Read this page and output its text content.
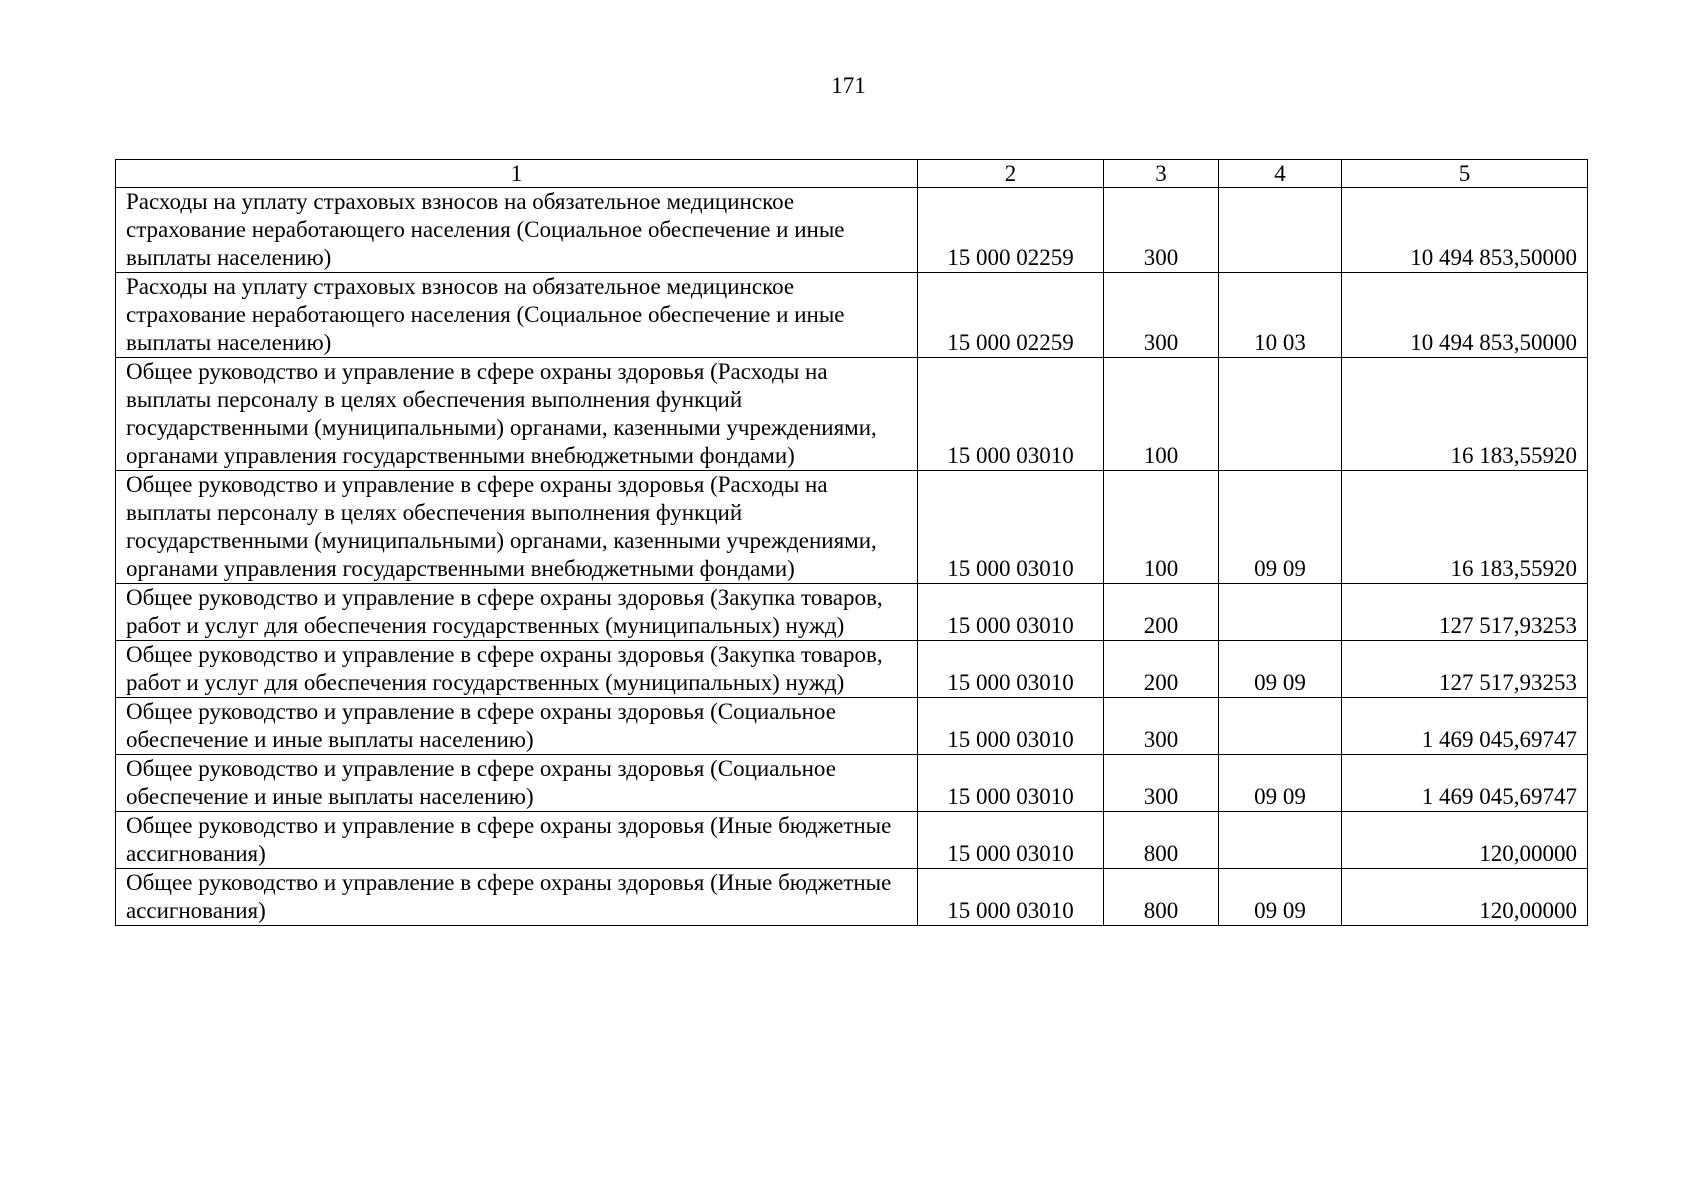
171
1	2	3	4	5
Расходы на уплату страховых взносов на обязательное медицинское страхование неработающего населения (Социальное обеспечение и иные выплаты населению)	15 000 02259	300		10 494 853,50000
Расходы на уплату страховых взносов на обязательное медицинское страхование неработающего населения (Социальное обеспечение и иные выплаты населению)	15 000 02259	300	10 03	10 494 853,50000
Общее руководство и управление в сфере охраны здоровья (Расходы на выплаты персоналу в целях обеспечения выполнения функций государственными (муниципальными) органами, казенными учреждениями, органами управления государственными внебюджетными фондами)	15 000 03010	100		16 183,55920
Общее руководство и управление в сфере охраны здоровья (Расходы на выплаты персоналу в целях обеспечения выполнения функций государственными (муниципальными) органами, казенными учреждениями, органами управления государственными внебюджетными фондами)	15 000 03010	100	09 09	16 183,55920
Общее руководство и управление в сфере охраны здоровья (Закупка товаров, работ и услуг для обеспечения государственных (муниципальных) нужд)	15 000 03010	200		127 517,93253
Общее руководство и управление в сфере охраны здоровья (Закупка товаров, работ и услуг для обеспечения государственных (муниципальных) нужд)	15 000 03010	200	09 09	127 517,93253
Общее руководство и управление в сфере охраны здоровья (Социальное обеспечение и иные выплаты населению)	15 000 03010	300		1 469 045,69747
Общее руководство и управление в сфере охраны здоровья (Социальное обеспечение и иные выплаты населению)	15 000 03010	300	09 09	1 469 045,69747
Общее руководство и управление в сфере охраны здоровья (Иные бюджетные ассигнования)	15 000 03010	800		120,00000
Общее руководство и управление в сфере охраны здоровья (Иные бюджетные ассигнования)	15 000 03010	800	09 09	120,00000
